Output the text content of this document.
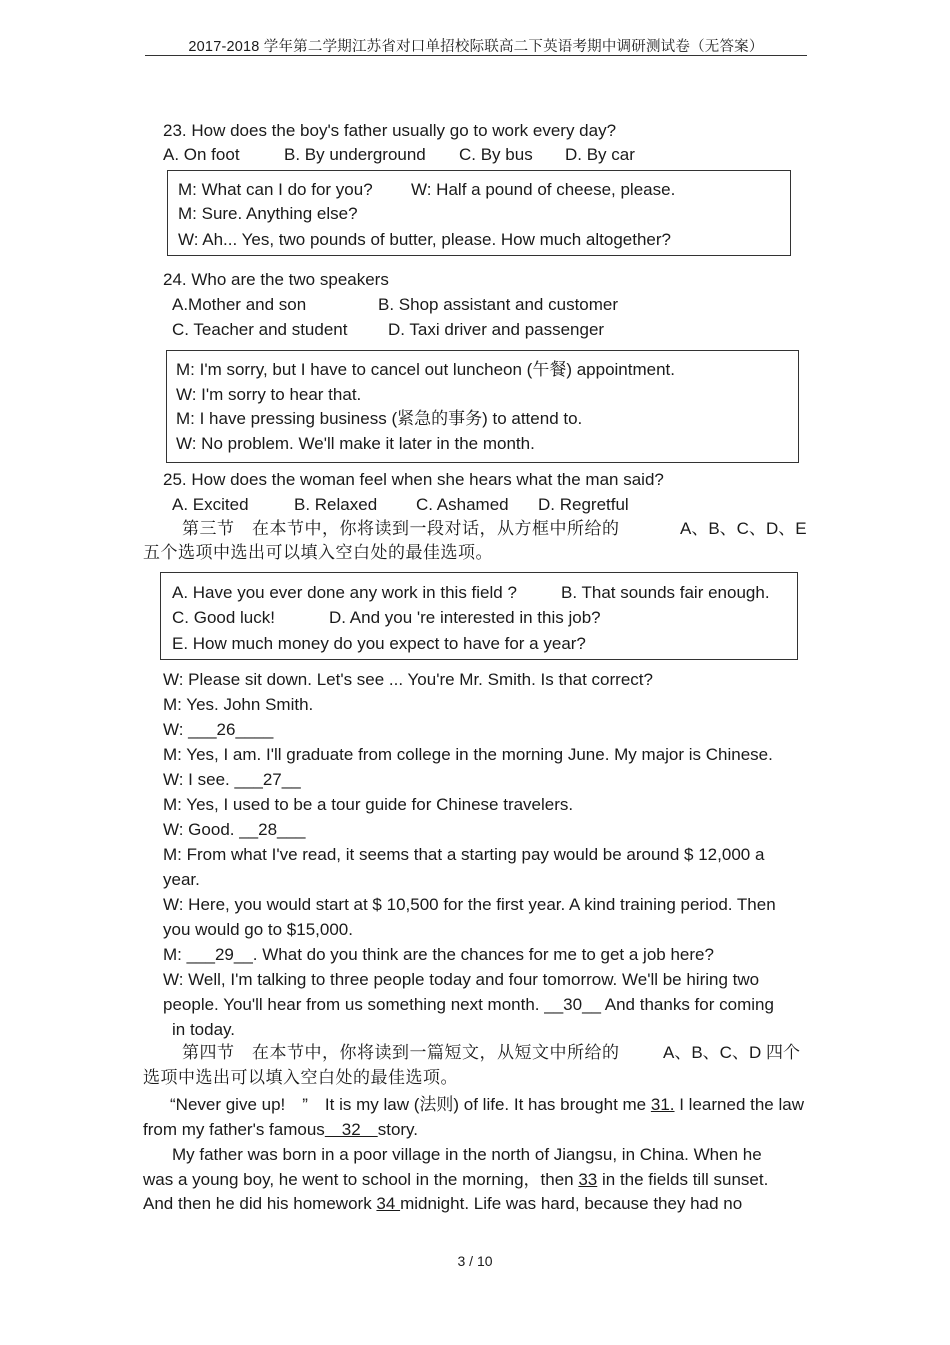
2017-2018 学年第二学期江苏省对口单招校际联高二下英语考期中调研测试卷（无答案）
23. How does the boy's father usually go to work every day?
A. On foot	B. By underground C. By bus D. By car
M: What can I do for you? W: Half a pound of cheese, please.
M: Sure. Anything else?
W: Ah... Yes, two pounds of butter, please. How much altogether?
24. Who are the two speakers
A.Mother and son	B. Shop assistant and customer
C. Teacher and student D. Taxi driver and passenger
M: I'm sorry, but I have to cancel out luncheon (午餐) appointment.
W: I'm sorry to hear that.
M: I have pressing business (紧急的事务) to attend to.
W: No problem. We'll make it later in the month.
25. How does the woman feel when she hears what the man said?
A. Excited	B. Relaxed C. Ashamed D. Regretful
第三节　在本节中，你将读到一段对话，从方框中所给的	A、B、C、D、E
五个选项中选出可以填入空白处的最佳选项。
A. Have you ever done any work in this field ?	B. That sounds fair enough.
C. Good luck!	D. And you 're interested in this job?
E. How much money do you expect to have for a year?
W: Please sit down. Let's see ... You're Mr. Smith. Is that correct?
M: Yes. John Smith.
W: ___26____
M: Yes, I am. I'll graduate from college in the morning June. My major is Chinese.
W: I see. ___27__
M: Yes, I used to be a tour guide for Chinese travelers.
W: Good. __28___
M: From what I've read, it seems that a starting pay would be around $ 12,000 a
year.
W: Here, you would start at $ 10,500 for the first year. A kind training period. Then
you would go to $15,000.
M: ___29__. What do you think are the chances for me to get a job here?
W: Well, I'm talking to three people today and four tomorrow. We'll be hiring two
people. You'll hear from us something next month. __30__ And thanks for coming
in today.
第四节　在本节中，你将读到一篇短文，从短文中所给的	A、B、C、D 四个
选项中选出可以填入空白处的最佳选项。
“Never give up!　”　It is my law (法则) of life. It has brought me 31. I learned the law
from my father's famous　32　story.
My father was born in a poor village in the north of Jiangsu, in China. When he
was a young boy, he went to school in the morning，then 33 in the fields till sunset.
And then he did his homework 34 midnight. Life was hard, because they had no
3 / 10
